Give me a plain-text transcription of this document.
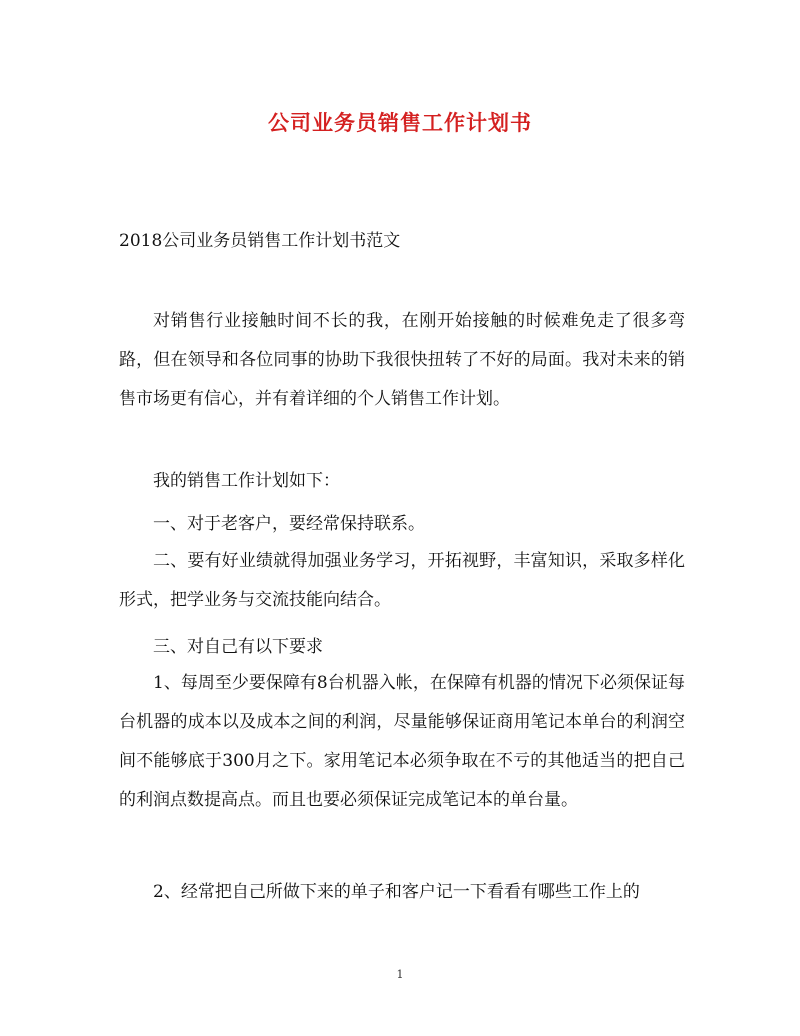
公司业务员销售工作计划书
2018公司业务员销售工作计划书范文
对销售行业接触时间不长的我，在刚开始接触的时候难免走了很多弯路，但在领导和各位同事的协助下我很快扭转了不好的局面。我对未来的销售市场更有信心，并有着详细的个人销售工作计划。
我的销售工作计划如下：
一、对于老客户，要经常保持联系。
二、要有好业绩就得加强业务学习，开拓视野，丰富知识，采取多样化形式，把学业务与交流技能向结合。
三、对自己有以下要求
1、每周至少要保障有8台机器入帐，在保障有机器的情况下必须保证每台机器的成本以及成本之间的利润，尽量能够保证商用笔记本单台的利润空间不能够底于300月之下。家用笔记本必须争取在不亏的其他适当的把自己的利润点数提高点。而且也要必须保证完成笔记本的单台量。
2、经常把自己所做下来的单子和客户记一下看看有哪些工作上的
1
